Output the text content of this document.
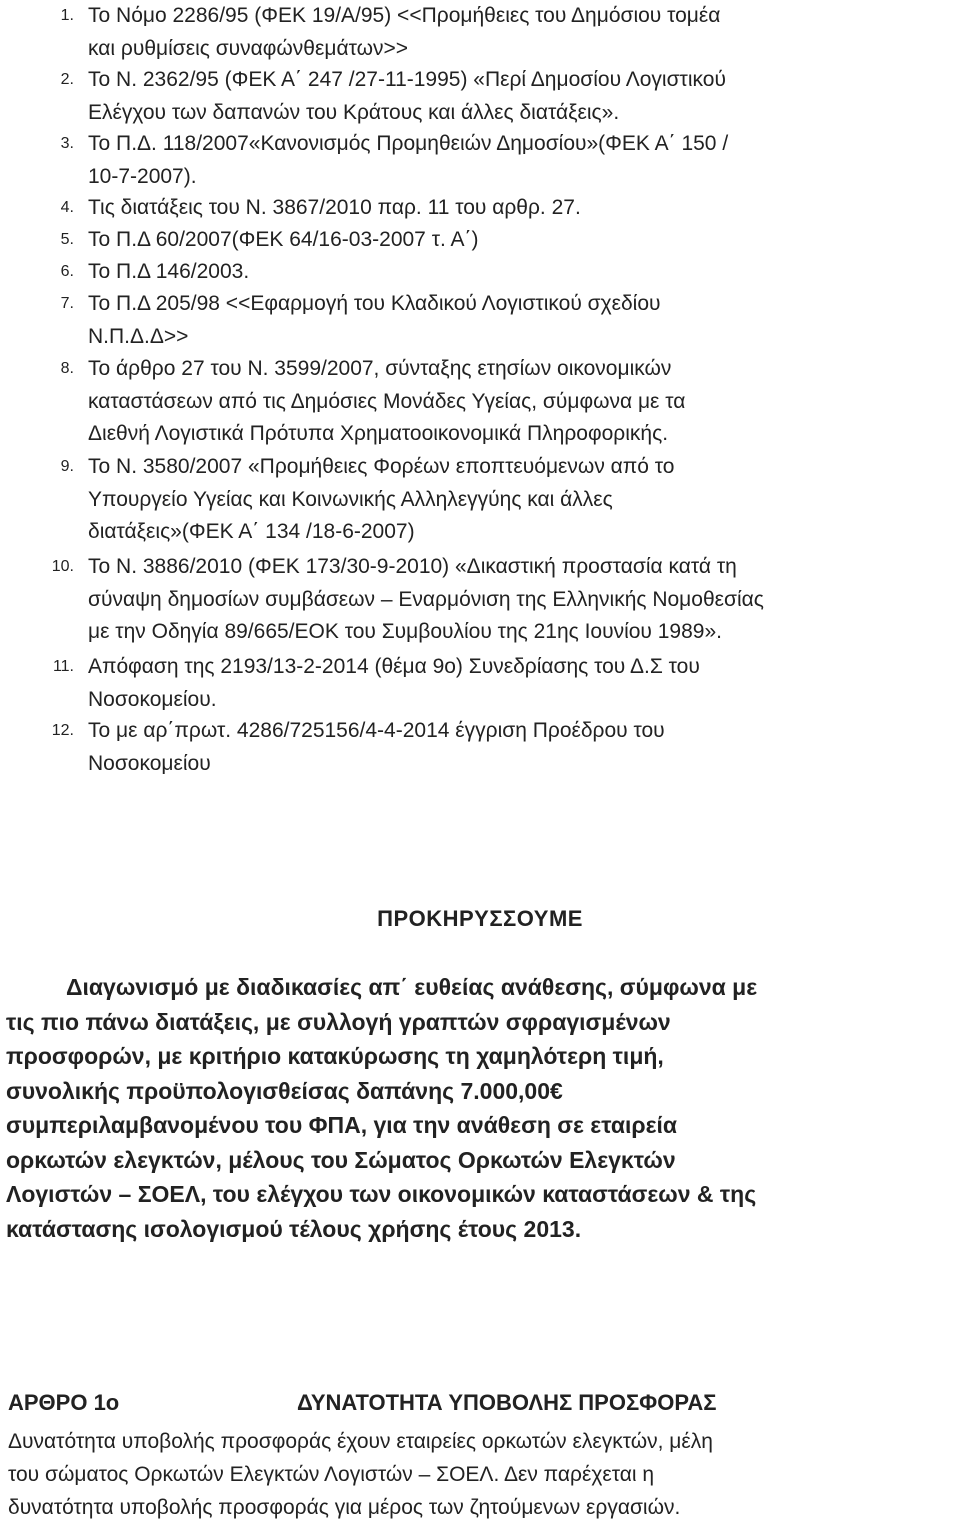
1. Το Νόμο 2286/95 (ΦΕΚ 19/Α/95) <<Προμήθειες του Δημόσιου τομέα
και ρυθμίσεις συναφώνθεμάτων>>
2. Το Ν. 2362/95 (ΦΕΚ Α΄ 247 /27-11-1995) «Περί Δημοσίου Λογιστικού
Ελέγχου των δαπανών του Κράτους και άλλες διατάξεις».
3. Το Π.Δ. 118/2007«Κανονισμός Προμηθειών Δημοσίου»(ΦΕΚ Α΄ 150 /
10-7-2007).
4. Τις διατάξεις του Ν. 3867/2010 παρ. 11 του αρθρ. 27.
5. Το Π.Δ 60/2007(ΦΕΚ 64/16-03-2007 τ. Α΄)
6. Το Π.Δ 146/2003.
7. Το Π.Δ 205/98 <<Εφαρμογή του Κλαδικού Λογιστικού σχεδίου
Ν.Π.Δ.Δ>>
8. Το άρθρο 27 του Ν. 3599/2007, σύνταξης ετησίων οικονομικών
καταστάσεων από τις Δημόσιες Μονάδες Υγείας, σύμφωνα με τα
Διεθνή Λογιστικά Πρότυπα Χρηματοοικονομικά Πληροφορικής.
9. Το Ν. 3580/2007 «Προμήθειες Φορέων εποπτευόμενων από το
Υπουργείο Υγείας και Κοινωνικής Αλληλεγγύης και άλλες
διατάξεις»(ΦΕΚ Α΄ 134 /18-6-2007)
10. Το Ν. 3886/2010 (ΦΕΚ 173/30-9-2010) «Δικαστική προστασία κατά τη
σύναψη δημοσίων συμβάσεων – Εναρμόνιση της Ελληνικής Νομοθεσίας
με την Οδηγία 89/665/ΕΟΚ του Συμβουλίου της 21ης Ιουνίου 1989».
11. Απόφαση της 2193/13-2-2014 (θέμα 9ο) Συνεδρίασης του Δ.Σ του
Νοσοκομείου.
12. Το με αρ΄πρωτ. 4286/725156/4-4-2014 έγγριση Προέδρου του
Νοσοκομείου
ΠΡΟΚΗΡΥΣΣΟΥΜΕ
Διαγωνισμό με διαδικασίες απ΄ ευθείας ανάθεσης, σύμφωνα με
τις πιο πάνω διατάξεις, με συλλογή γραπτών σφραγισμένων
προσφορών, με κριτήριο κατακύρωσης τη χαμηλότερη τιμή,
συνολικής προϋπολογισθείσας δαπάνης 7.000,00€
συμπεριλαμβανομένου του ΦΠΑ, για την ανάθεση σε εταιρεία
ορκωτών ελεγκτών, μέλους του Σώματος Ορκωτών Ελεγκτών
Λογιστών – ΣΟΕΛ, του ελέγχου των οικονομικών καταστάσεων & της
κατάστασης ισολογισμού τέλους χρήσης έτους 2013.
ΑΡΘΡΟ 1ο	ΔΥΝΑΤΟΤΗΤΑ ΥΠΟΒΟΛΗΣ ΠΡΟΣΦΟΡΑΣ
Δυνατότητα υποβολής προσφοράς έχουν εταιρείες ορκωτών ελεγκτών, μέλη
του σώματος Ορκωτών Ελεγκτών Λογιστών – ΣΟΕΛ. Δεν παρέχεται η
δυνατότητα υποβολής προσφοράς για μέρος των ζητούμενων εργασιών.
